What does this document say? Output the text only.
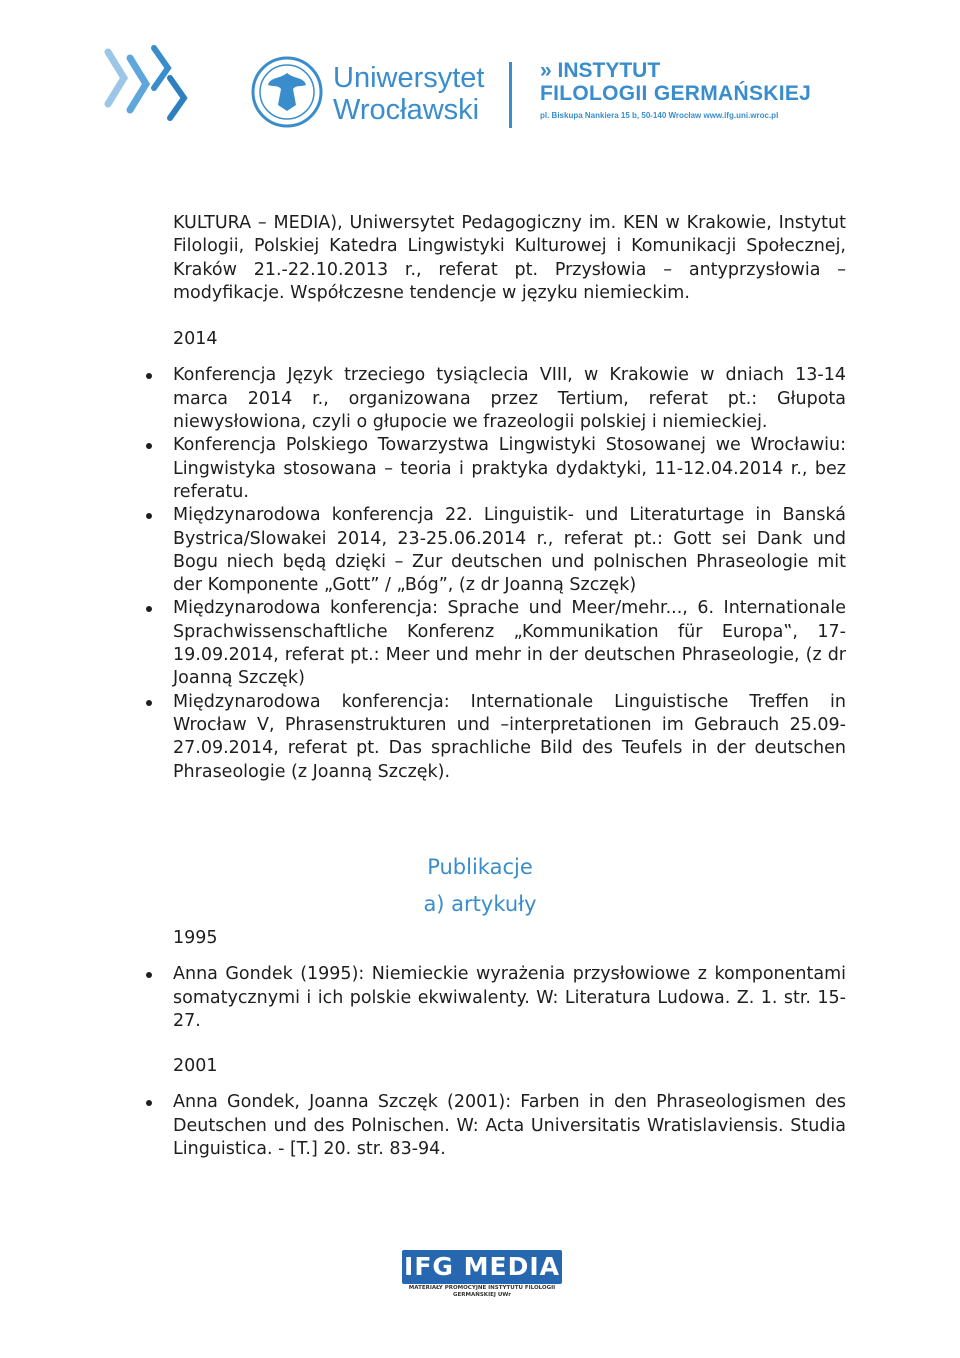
Uniwersytet
Wrocławski
» INSTYTUT
FILOLOGII GERMAŃSKIEJ
pl. Biskupa Nankiera 15 b, 50-140 Wrocław www.ifg.uni.wroc.pl

KULTURA – MEDIA), Uniwersytet Pedagogiczny im. KEN w Krakowie, Instytut Filologii, Polskiej Katedra Lingwistyki Kulturowej i Komunikacji Społecznej, Kraków 21.-22.10.2013 r., referat pt. Przysłowia – antyprzysłowia – modyfikacje. Współczesne tendencje w języku niemieckim.

2014

Konferencja Język trzeciego tysiąclecia VIII, w Krakowie w dniach 13-14 marca 2014 r., organizowana przez Tertium, referat pt.: Głupota niewysłowiona, czyli o głupocie we frazeologii polskiej i niemieckiej.
Konferencja Polskiego Towarzystwa Lingwistyki Stosowanej we Wrocławiu: Lingwistyka stosowana – teoria i praktyka dydaktyki, 11-12.04.2014 r., bez referatu.
Międzynarodowa konferencja 22. Linguistik- und Literaturtage in Banská Bystrica/Slowakei 2014, 23-25.06.2014 r., referat pt.: Gott sei Dank und Bogu niech będą dzięki – Zur deutschen und polnischen Phraseologie mit der Komponente „Gott” / „Bóg”, (z dr Joanną Szczęk)
Międzynarodowa konferencja: Sprache und Meer/mehr..., 6. Internationale Sprachwissenschaftliche Konferenz „Kommunikation für Europa‟, 17-19.09.2014, referat pt.: Meer und mehr in der deutschen Phraseologie, (z dr Joanną Szczęk)
Międzynarodowa konferencja: Internationale Linguistische Treffen in Wrocław V, Phrasenstrukturen und –interpretationen im Gebrauch 25.09-27.09.2014, referat pt. Das sprachliche Bild des Teufels in der deutschen Phraseologie (z Joanną Szczęk).
Publikacje
a) artykuły

1995

Anna Gondek (1995): Niemieckie wyrażenia przysłowiowe z komponentami somatycznymi i ich polskie ekwiwalenty. W: Literatura Ludowa. Z. 1. str. 15-27.

2001

Anna Gondek, Joanna Szczęk (2001): Farben in den Phraseologismen des Deutschen und des Polnischen. W: Acta Universitatis Wratislaviensis. Studia Linguistica. - [T.] 20. str. 83-94.
IFG MEDIA
MATERIAŁY PROMOCYJNE INSTYTUTU FILOLOGII GERMAŃSKIEJ UWr
